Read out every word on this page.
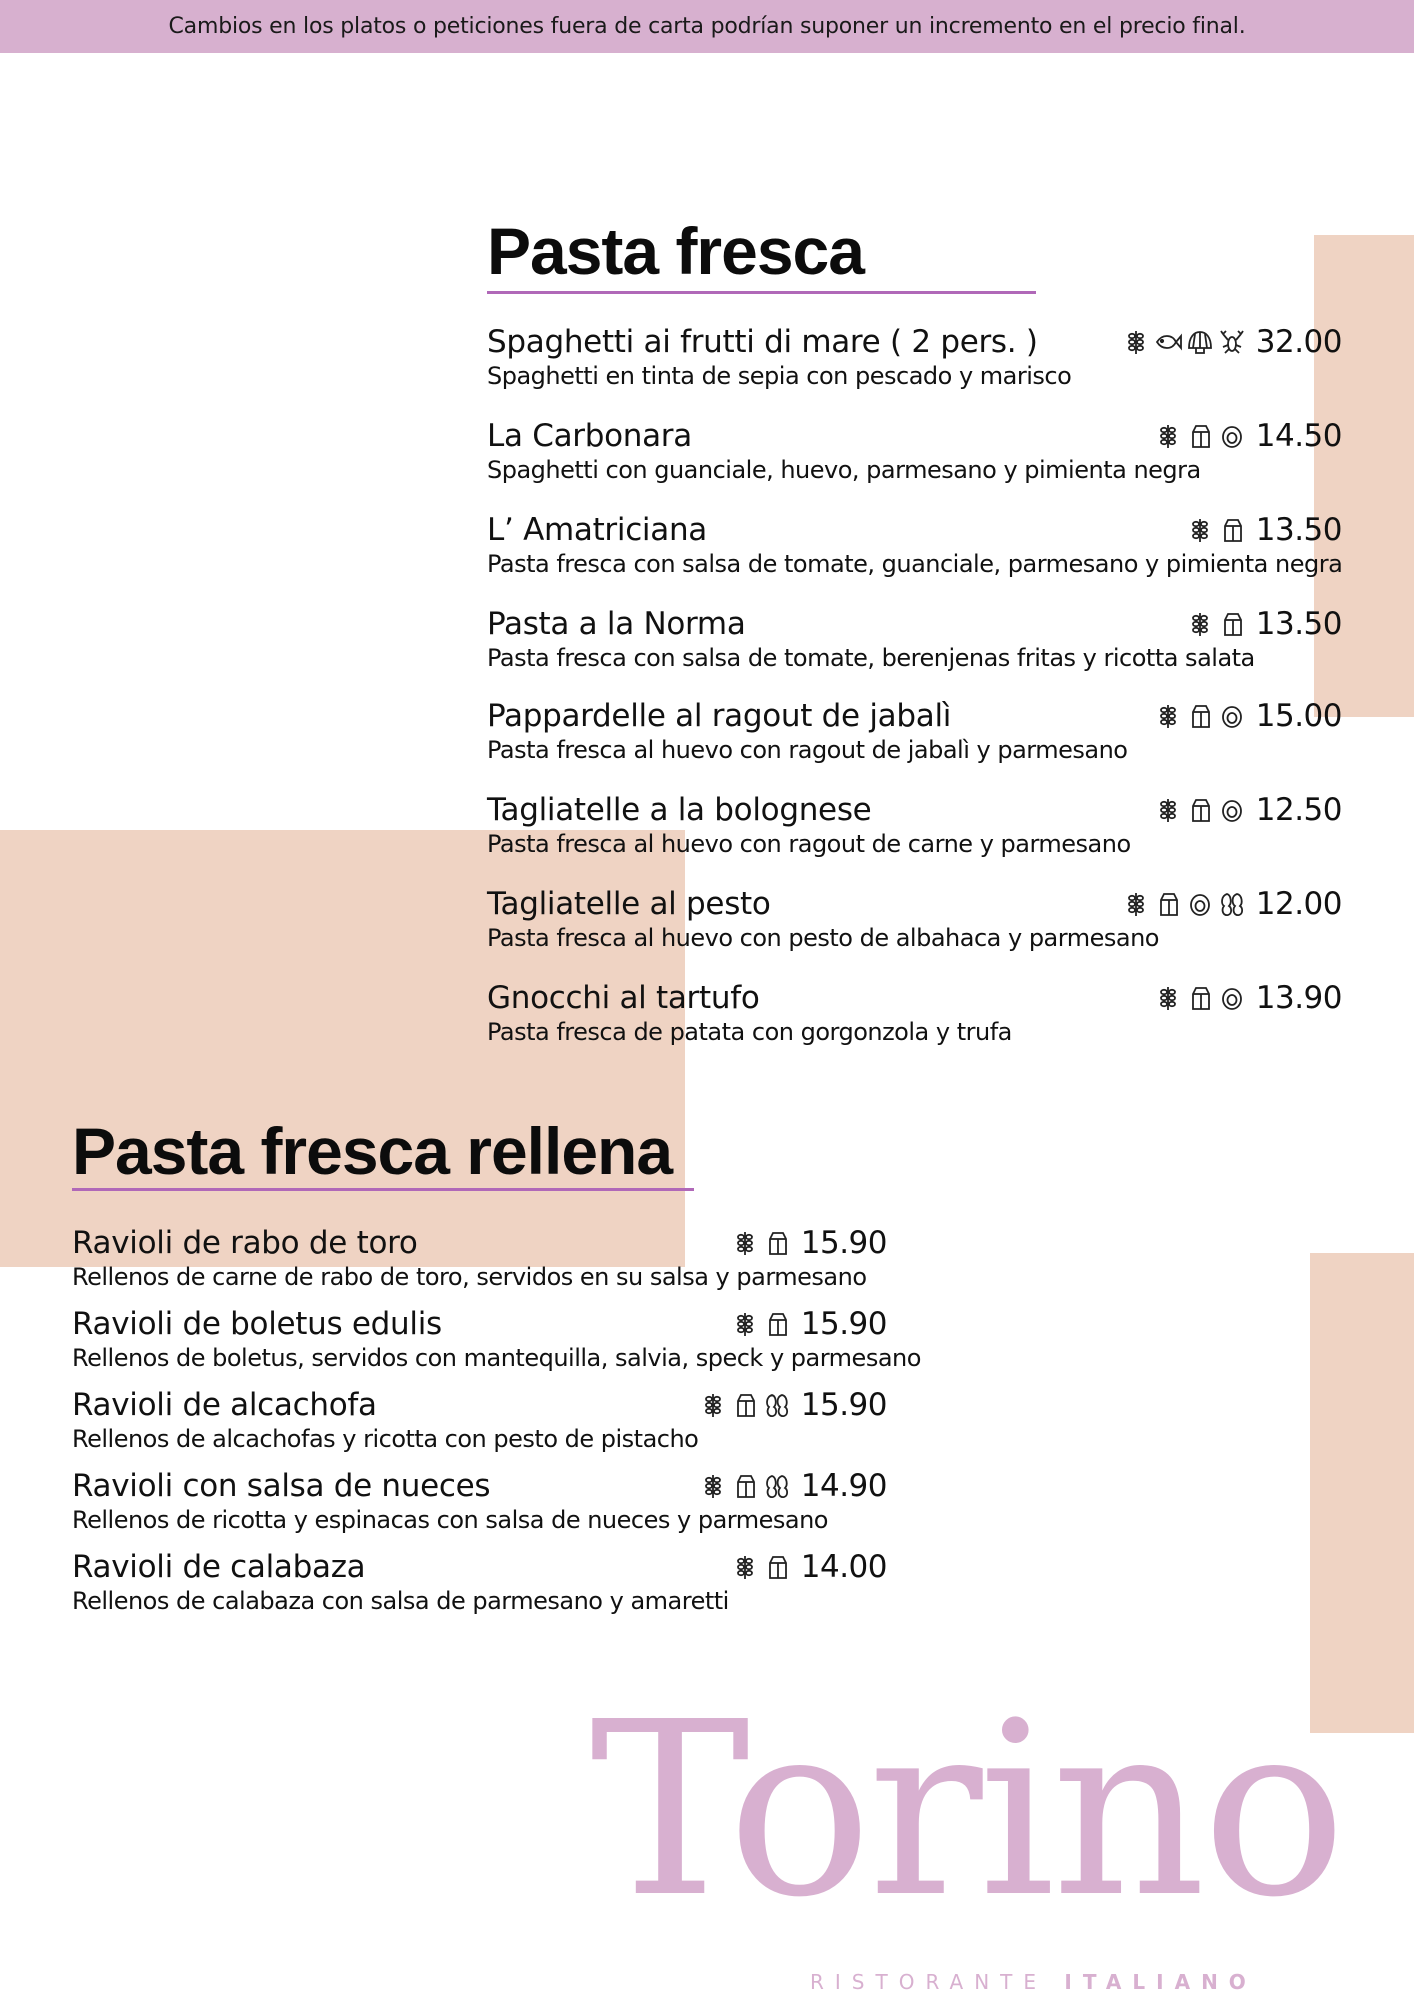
Cambios en los platos o peticiones fuera de carta podrían suponer un incremento en el precio final.
Pasta fresca
Spaghetti ai frutti di mare ( 2 pers. )	32.00
Spaghetti en tinta de sepia con pescado y marisco
La Carbonara	14.50
Spaghetti con guanciale, huevo, parmesano y pimienta negra
L’ Amatriciana	13.50
Pasta fresca con salsa de tomate, guanciale, parmesano y pimienta negra
Pasta a la Norma	13.50
Pasta fresca con salsa de tomate, berenjenas fritas y ricotta salata
Pappardelle al ragout de jabalì	15.00
Pasta fresca al huevo con ragout de jabalì y parmesano
Tagliatelle a la bolognese	12.50
Pasta fresca al huevo con ragout de carne y parmesano
Tagliatelle al pesto	12.00
Pasta fresca al huevo con pesto de albahaca y parmesano
Gnocchi al tartufo	13.90
Pasta fresca de patata con gorgonzola y trufa
Pasta fresca rellena
Ravioli de rabo de toro	15.90
Rellenos de carne de rabo de toro, servidos en su salsa y parmesano
Ravioli de boletus edulis	15.90
Rellenos de boletus, servidos con mantequilla, salvia, speck y parmesano
Ravioli de alcachofa	15.90
Rellenos de alcachofas y ricotta con pesto de pistacho
Ravioli con salsa de nueces	14.90
Rellenos de ricotta y espinacas con salsa de nueces y parmesano
Ravioli de calabaza	14.00
Rellenos de calabaza con salsa de parmesano y amaretti
Torino
RISTORANTE ITALIANO
